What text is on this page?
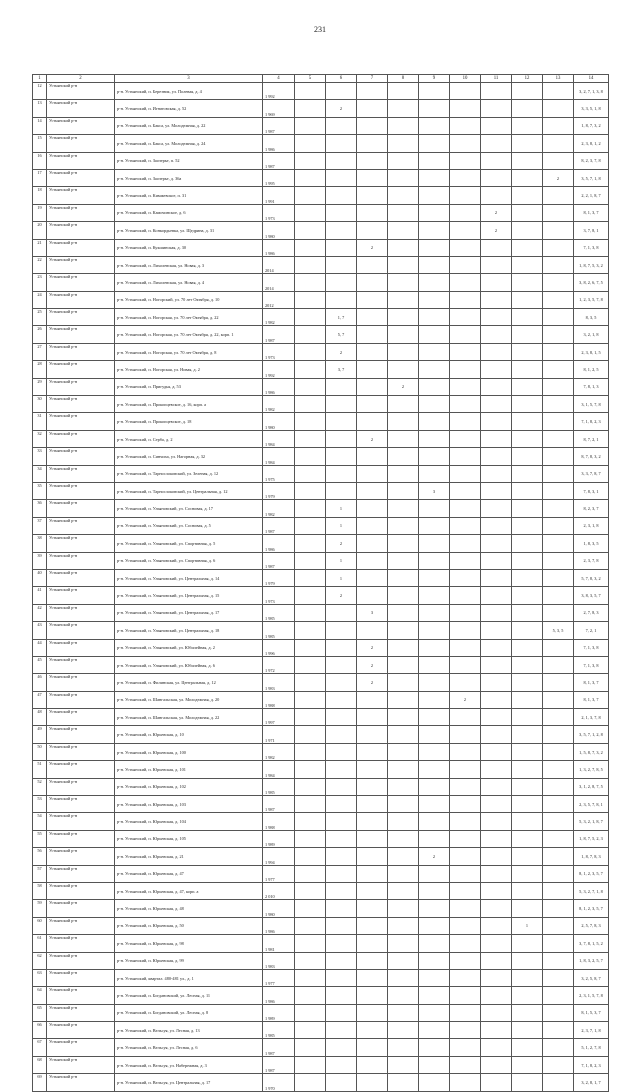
231
1	2	3	4	5	6	7	8	9	10	11	12	13	14
12	Устьянский р-н	р-н. Устьянский, п. Березник, ул. Полевая, д. 4	1 992										3, 2, 7, 1, 3, 8
13	Устьянский р-н	р-н. Устьянский, п. Игнатовская, д. 52	1 969		2								3, 3, 5, 1, 8
14	Устьянский р-н	р-н. Устьянский, п. Бакса, ул. Молодежная, д. 22	1 987										1, 8, 7, 3, 2
15	Устьянский р-н	р-н. Устьянский, п. Бакса, ул. Молодежная, д. 24	1 986										2, 3, 8, 1, 2
16	Устьянский р-н	р-н. Устьянский, п. Заозерье, п. 52	1 987										8, 2, 3, 7, 8
17	Устьянский р-н	р-н. Устьянский, п. Заозерье, д. 36а	1 995									2	3, 5, 7, 1, 8
18	Устьянский р-н	р-н. Устьянский, п. Кимжевское, п. 31	1 991										2, 2, 1, 8, 7
19	Устьянский р-н	р-н. Устьянский, п. Камочинское, д. 6	1 973							2			8, 1, 3, 7
20	Устьянский р-н	р-н. Устьянский, п. Конкордьевка, ул. Щедрина, д. 31	1 980							2			3, 7, 8, 1
21	Устьянский р-н	р-н. Устьянский, п. Кукшинская, д. 30	1 986			2							7, 1, 3, 8
22	Устьянский р-н	р-н. Устьянский, п. Лихолевская, ул. Новая, д. 3	2014										1, 8, 7, 5, 3, 2
23	Устьянский р-н	р-н. Устьянский, п. Лихолевская, ул. Новая, д. 4	2014										3, 8, 2, 6, 7, 5
24	Устьянский р-н	р-н. Устьянский, п. Ногорский, ул. 70 лет Октября, д. 10	2012										1, 2, 3, 5, 7, 8
25	Устьянский р-н	р-н. Устьянский, п. Ногорская, ул. 70 лет Октября, д. 22	1 982		1, 7								8, 3, 5
26	Устьянский р-н	р-н. Устьянский, п. Ногорская, ул. 70 лет Октября, д. 22, корп. 1	1 987		5, 7								3, 2, 1, 8
27	Устьянский р-н	р-н. Устьянский, п. Ногорская, ул. 70 лет Октября, д. 8	1 973		2								2, 3, 8, 1, 5
28	Устьянский р-н	р-н. Устьянский, п. Ногорская, ул. Новая, д. 2	1 992		3, 7								8, 1, 2, 5
29	Устьянский р-н	р-н. Устьянский, п. Пригудья, д. 53	1 986				2						7, 8, 1, 3
30	Устьянский р-н	р-н. Устьянский, п. Прокопцевское, д. 16, корп. а	1 982										3, 1, 5, 7, 8
31	Устьянский р-н	р-н. Устьянский, п. Прокопцевское, д. 18	1 980										7, 1, 8, 2, 3
32	Устьянский р-н	р-н. Устьянский, п. Серба, д. 2	1 984			2							8, 7, 2, 1
33	Устьянский р-н	р-н. Устьянский, п. Синчиха, ул. Нагорная, д. 32	1 984										8, 7, 8, 3, 2
34	Устьянский р-н	р-н. Устьянский, п. Тарнослоковский, ул. Зеленая, д. 12	1 975										3, 3, 7, 8, 7
35	Устьянский р-н	р-н. Устьянский, п. Тарнослоковский, ул. Центральная, д. 12	1 979					3					7, 8, 3, 1
36	Устьянский р-н	р-н. Устьянский, п. Ульяновский, ул. Сосновая, д. 17	1 982		1								8, 2, 3, 7
37	Устьянский р-н	р-н. Устьянский, п. Ульяновский, ул. Сосновая, д. 5	1 987		1								2, 3, 1, 8
38	Устьянский р-н	р-н. Устьянский, п. Ульяновский, ул. Спортивная, д. 5	1 986		2								1, 8, 3, 5
39	Устьянский р-н	р-н. Устьянский, п. Ульяновский, ул. Спортивная, д. 6	1 987		1								2, 3, 7, 8
40	Устьянский р-н	р-н. Устьянский, п. Ульяновский, ул. Центральная, д. 14	1 979		1								5, 7, 8, 3, 2
41	Устьянский р-н	р-н. Устьянский, п. Ульяновский, ул. Центральная, д. 15	1 973		2								3, 8, 3, 5, 7
42	Устьянский р-н	р-н. Устьянский, п. Ульяновский, ул. Центральная, д. 17	1 985			3							2, 7, 8, 3
43	Устьянский р-н	р-н. Устьянский, п. Ульяновский, ул. Центральная, д. 18	1 985									5, 3, 5	7, 2, 1
44	Устьянский р-н	р-н. Устьянский, п. Ульяновский, ул. Юбилейная, д. 2	1 996			2							7, 1, 3, 8
45	Устьянский р-н	р-н. Устьянский, п. Ульяновский, ул. Юбилейная, д. 6	1 972			2							7, 1, 3, 8
46	Устьянский р-н	р-н. Устьянский, п. Филинская, ул. Центральная, д. 12	1 983			2							8, 1, 3, 7
47	Устьянский р-н	р-н. Устьянский, п. Шангальская, ул. Молодежная, д. 20	1 988						2				8, 1, 3, 7
48	Устьянский р-н	р-н. Устьянский, п. Шангальская, ул. Молодежная, д. 22	1 997										2, 1, 3, 7, 8
49	Устьянский р-н	р-н. Устьянский, п. Юрьевская, д. 10	1 971										3, 5, 7, 1, 2, 8
50	Устьянский р-н	р-н. Устьянский, п. Юрьевская, д. 100	1 982										1, 5, 8, 7, 3, 2
51	Устьянский р-н	р-н. Устьянский, п. Юрьевская, д. 101	1 984										1, 3, 2, 7, 8, 5
52	Устьянский р-н	р-н. Устьянский, п. Юрьевская, д. 102	1 985										3, 1, 2, 8, 7, 5
53	Устьянский р-н	р-н. Устьянский, п. Юрьевская, д. 103	1 987										2, 3, 5, 7, 8, 1
54	Устьянский р-н	р-н. Устьянский, п. Юрьевская, д. 104	1 988										5, 3, 2, 1, 8, 7
55	Устьянский р-н	р-н. Устьянский, п. Юрьевская, д. 105	1 989										1, 8, 7, 5, 2, 3
56	Устьянский р-н	р-н. Устьянский, п. Юрьевская, д. 21	1 994					2					1, 8, 7, 8, 3
57	Устьянский р-н	р-н. Устьянский, п. Юрьевская, д. 47	1 977										8, 1, 2, 3, 5, 7
58	Устьянский р-н	р-н. Устьянский, п. Юрьевская, д. 47, корп. а	2 010										5, 3, 2, 7, 1, 8
59	Устьянский р-н	р-н. Устьянский, п. Юрьевская, д. 48	1 980										8, 1, 2, 3, 5, 7
60	Устьянский р-н	р-н. Устьянский, п. Юрьевская, д. 50	1 986								1		2, 5, 7, 8, 3
61	Устьянский р-н	р-н. Устьянский, п. Юрьевская, д. 98	1 981										3, 7, 8, 1, 5, 2
62	Устьянский р-н	р-н. Устьянский, п. Юрьевская, д. 99	1 983										1, 8, 3, 2, 5, 7
63	Устьянский р-н	р-н. Устьянский, квартал. 480-481 ул., д. 1	1 977										3, 2, 5, 8, 7
64	Устьянский р-н	р-н. Устьянский, п. Богдановский, ул. Лесная, д. 11	1 986										2, 3, 1, 5, 7, 8
65	Устьянский р-н	р-н. Устьянский, п. Богдановский, ул. Лесная, д. 8	1 989										8, 1, 5, 3, 7
66	Устьянский р-н	р-н. Устьянский, п. Вельсуя, ул. Лесная, д. 13	1 985										2, 3, 7, 1, 8
67	Устьянский р-н	р-н. Устьянский, п. Вельсуя, ул. Лесная, д. 6	1 987										5, 1, 2, 7, 8
68	Устьянский р-н	р-н. Устьянский, п. Вельсуя, ул. Набережная, д. 3	1 987										7, 1, 8, 2, 3
69	Устьянский р-н	р-н. Устьянский, п. Вельсуя, ул. Центральная, д. 17	1 970										3, 2, 8, 1, 7
